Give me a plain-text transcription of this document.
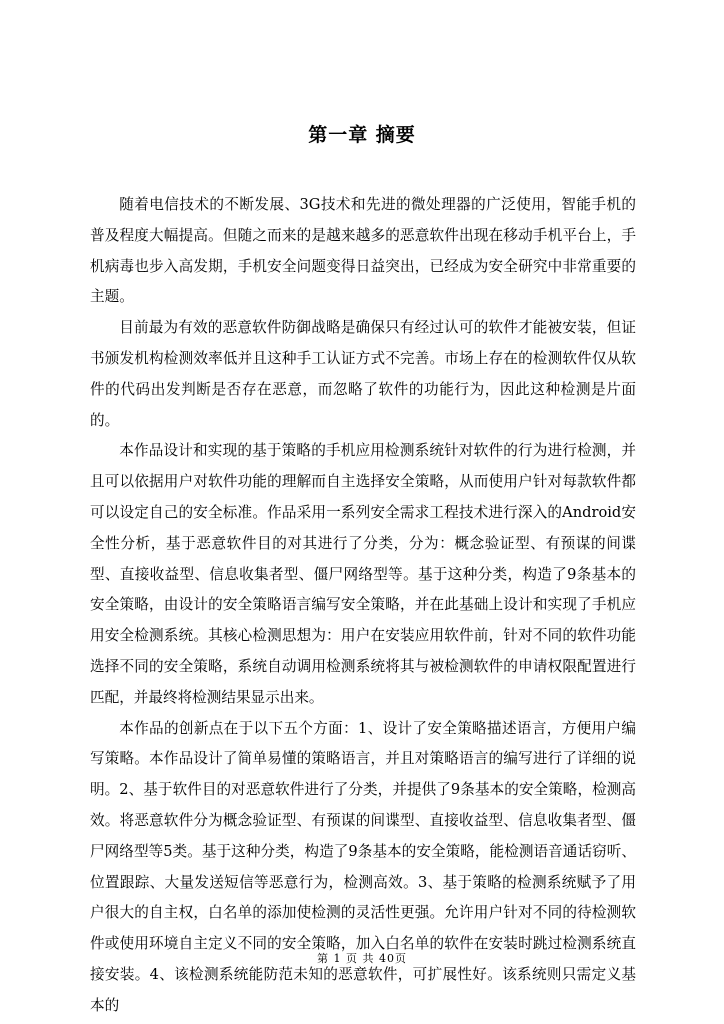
第一章 摘要

随着电信技术的不断发展、3G技术和先进的微处理器的广泛使用，智能手机的普及程度大幅提高。但随之而来的是越来越多的恶意软件出现在移动手机平台上，手机病毒也步入高发期，手机安全问题变得日益突出，已经成为安全研究中非常重要的主题。

目前最为有效的恶意软件防御战略是确保只有经过认可的软件才能被安装，但证书颁发机构检测效率低并且这种手工认证方式不完善。市场上存在的检测软件仅从软件的代码出发判断是否存在恶意，而忽略了软件的功能行为，因此这种检测是片面的。

本作品设计和实现的基于策略的手机应用检测系统针对软件的行为进行检测，并且可以依据用户对软件功能的理解而自主选择安全策略，从而使用户针对每款软件都可以设定自己的安全标准。作品采用一系列安全需求工程技术进行深入的Android安全性分析，基于恶意软件目的对其进行了分类，分为：概念验证型、有预谋的间谍型、直接收益型、信息收集者型、僵尸网络型等。基于这种分类，构造了9条基本的安全策略，由设计的安全策略语言编写安全策略，并在此基础上设计和实现了手机应用安全检测系统。其核心检测思想为：用户在安装应用软件前，针对不同的软件功能选择不同的安全策略，系统自动调用检测系统将其与被检测软件的申请权限配置进行匹配，并最终将检测结果显示出来。

本作品的创新点在于以下五个方面：1、设计了安全策略描述语言，方便用户编写策略。本作品设计了简单易懂的策略语言，并且对策略语言的编写进行了详细的说明。2、基于软件目的对恶意软件进行了分类，并提供了9条基本的安全策略，检测高效。将恶意软件分为概念验证型、有预谋的间谍型、直接收益型、信息收集者型、僵尸网络型等5类。基于这种分类，构造了9条基本的安全策略，能检测语音通话窃听、位置跟踪、大量发送短信等恶意行为，检测高效。3、基于策略的检测系统赋予了用户很大的自主权，白名单的添加使检测的灵活性更强。允许用户针对不同的待检测软件或使用环境自主定义不同的安全策略，加入白名单的软件在安装时跳过检测系统直接安装。4、该检测系统能防范未知的恶意软件，可扩展性好。该系统则只需定义基本的

第 1 页 共 40页
